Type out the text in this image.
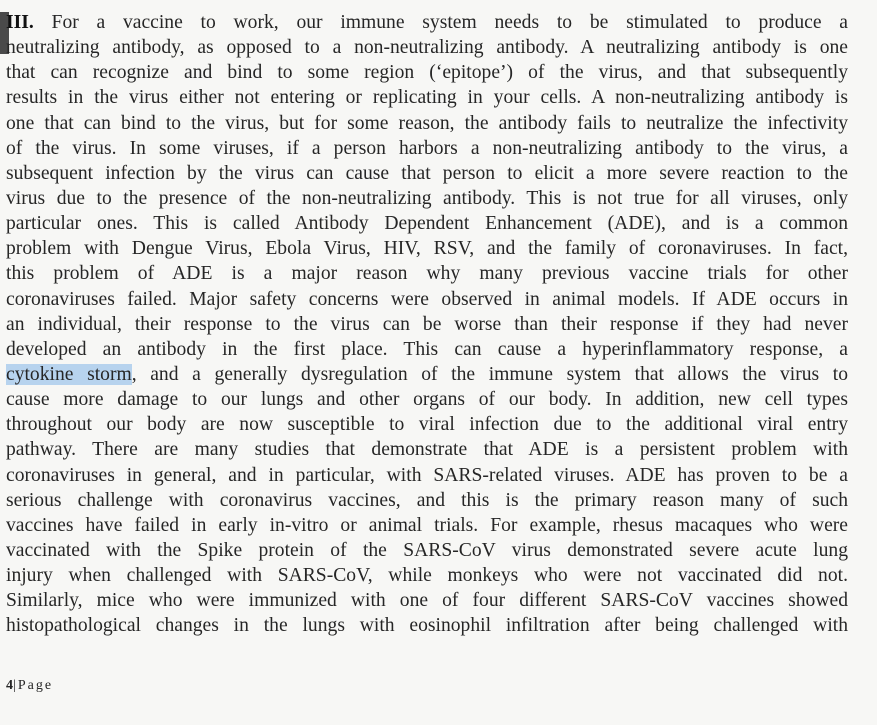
III. For a vaccine to work, our immune system needs to be stimulated to produce a
neutralizing antibody, as opposed to a non-neutralizing antibody. A neutralizing antibody is one
that can recognize and bind to some region (‘epitope’) of the virus, and that subsequently
results in the virus either not entering or replicating in your cells. A non-neutralizing antibody is
one that can bind to the virus, but for some reason, the antibody fails to neutralize the infectivity
of the virus. In some viruses, if a person harbors a non-neutralizing antibody to the virus, a
subsequent infection by the virus can cause that person to elicit a more severe reaction to the
virus due to the presence of the non-neutralizing antibody. This is not true for all viruses, only
particular ones. This is called Antibody Dependent Enhancement (ADE), and is a common
problem with Dengue Virus, Ebola Virus, HIV, RSV, and the family of coronaviruses. In fact,
this problem of ADE is a major reason why many previous vaccine trials for other
coronaviruses failed. Major safety concerns were observed in animal models. If ADE occurs in
an individual, their response to the virus can be worse than their response if they had never
developed an antibody in the first place. This can cause a hyperinflammatory response, a
cytokine storm, and a generally dysregulation of the immune system that allows the virus to
cause more damage to our lungs and other organs of our body. In addition, new cell types
throughout our body are now susceptible to viral infection due to the additional viral entry
pathway. There are many studies that demonstrate that ADE is a persistent problem with
coronaviruses in general, and in particular, with SARS-related viruses. ADE has proven to be a
serious challenge with coronavirus vaccines, and this is the primary reason many of such
vaccines have failed in early in-vitro or animal trials. For example, rhesus macaques who were
vaccinated with the Spike protein of the SARS-CoV virus demonstrated severe acute lung
injury when challenged with SARS-CoV, while monkeys who were not vaccinated did not.
Similarly, mice who were immunized with one of four different SARS-CoV vaccines showed
histopathological changes in the lungs with eosinophil infiltration after being challenged with
4|Page
